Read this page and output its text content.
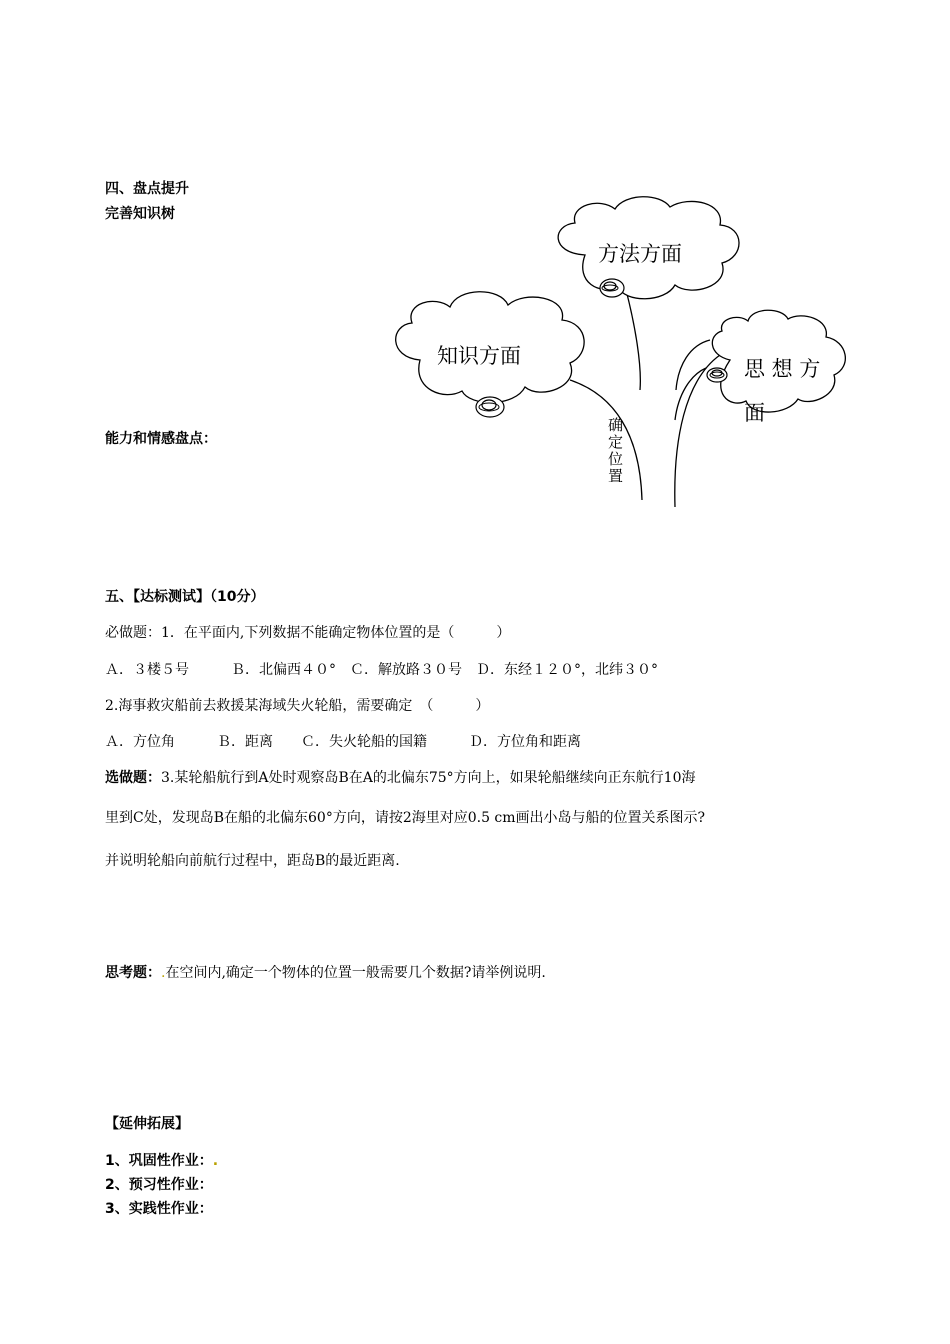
四、盘点提升
完善知识树
能力和情感盘点：
方法方面
知识方面
思 想 方
面
确
定
位
置
五、【达标测试】（10分）
必做题：1．在平面内,下列数据不能确定物体位置的是（　　　）
Ａ．３楼５号　　　Ｂ．北偏西４０°　Ｃ．解放路３０号　Ｄ．东经１２０°，北纬３０°
2.海事救灾船前去救援某海域失火轮船，需要确定　（　　　）
Ａ．方位角　　　Ｂ．距离　　Ｃ．失火轮船的国籍　　　Ｄ．方位角和距离
选做题：3.某轮船航行到A处时观察岛B在A的北偏东75°方向上，如果轮船继续向正东航行10海
里到C处，发现岛B在船的北偏东60°方向，请按2海里对应0.5 cm画出小岛与船的位置关系图示?
并说明轮船向前航行过程中，距岛B的最近距离.
思考题：.在空间内,确定一个物体的位置一般需要几个数据?请举例说明.
【延伸拓展】
1、巩固性作业：.
2、预习性作业：
3、实践性作业：
